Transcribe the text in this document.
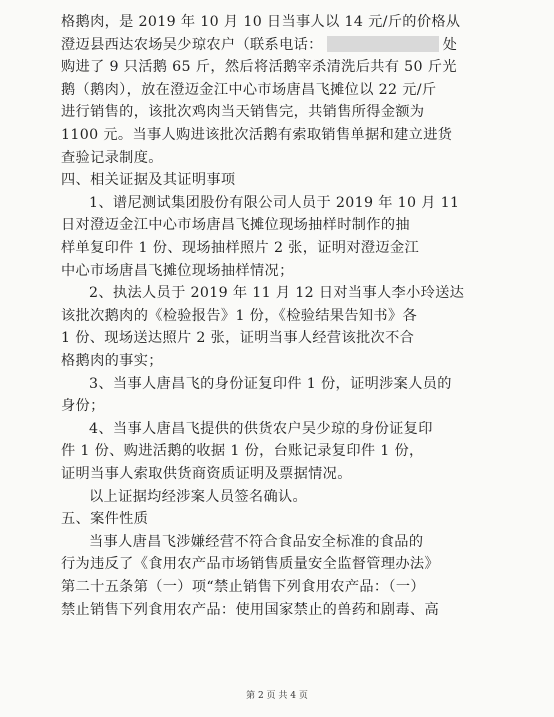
格鹅肉，是 2019 年 10 月 10 日当事人以 14 元/斤的价格从
澄迈县西达农场吴少琼农户（联系电话：	处
购进了 9 只活鹅 65 斤，然后将活鹅宰杀清洗后共有 50 斤光
鹅（鹅肉），放在澄迈金江中心市场唐昌飞摊位以 22 元/斤
进行销售的，该批次鸡肉当天销售完，共销售所得金额为
1100 元。当事人购进该批次活鹅有索取销售单据和建立进货
查验记录制度。
四、相关证据及其证明事项
1、谱尼测试集团股份有限公司人员于 2019 年 10 月 11
日对澄迈金江中心市场唐昌飞摊位现场抽样时制作的抽
样单复印件 1 份、现场抽样照片 2 张，证明对澄迈金江
中心市场唐昌飞摊位现场抽样情况；
2、执法人员于 2019 年 11 月 12 日对当事人李小玲送达
该批次鹅肉的《检验报告》1 份，《检验结果告知书》各
1 份、现场送达照片 2 张，证明当事人经营该批次不合
格鹅肉的事实；
3、当事人唐昌飞的身份证复印件 1 份，证明涉案人员的
身份；
4、当事人唐昌飞提供的供货农户吴少琼的身份证复印
件 1 份、购进活鹅的收据 1 份，台账记录复印件 1 份，
证明当事人索取供货商资质证明及票据情况。
以上证据均经涉案人员签名确认。
五、案件性质
当事人唐昌飞涉嫌经营不符合食品安全标准的食品的
行为违反了《食用农产品市场销售质量安全监督管理办法》
第二十五条第（一）项“禁止销售下列食用农产品：（一）
禁止销售下列食用农产品：使用国家禁止的兽药和剧毒、高
第 2 页 共 4 页
